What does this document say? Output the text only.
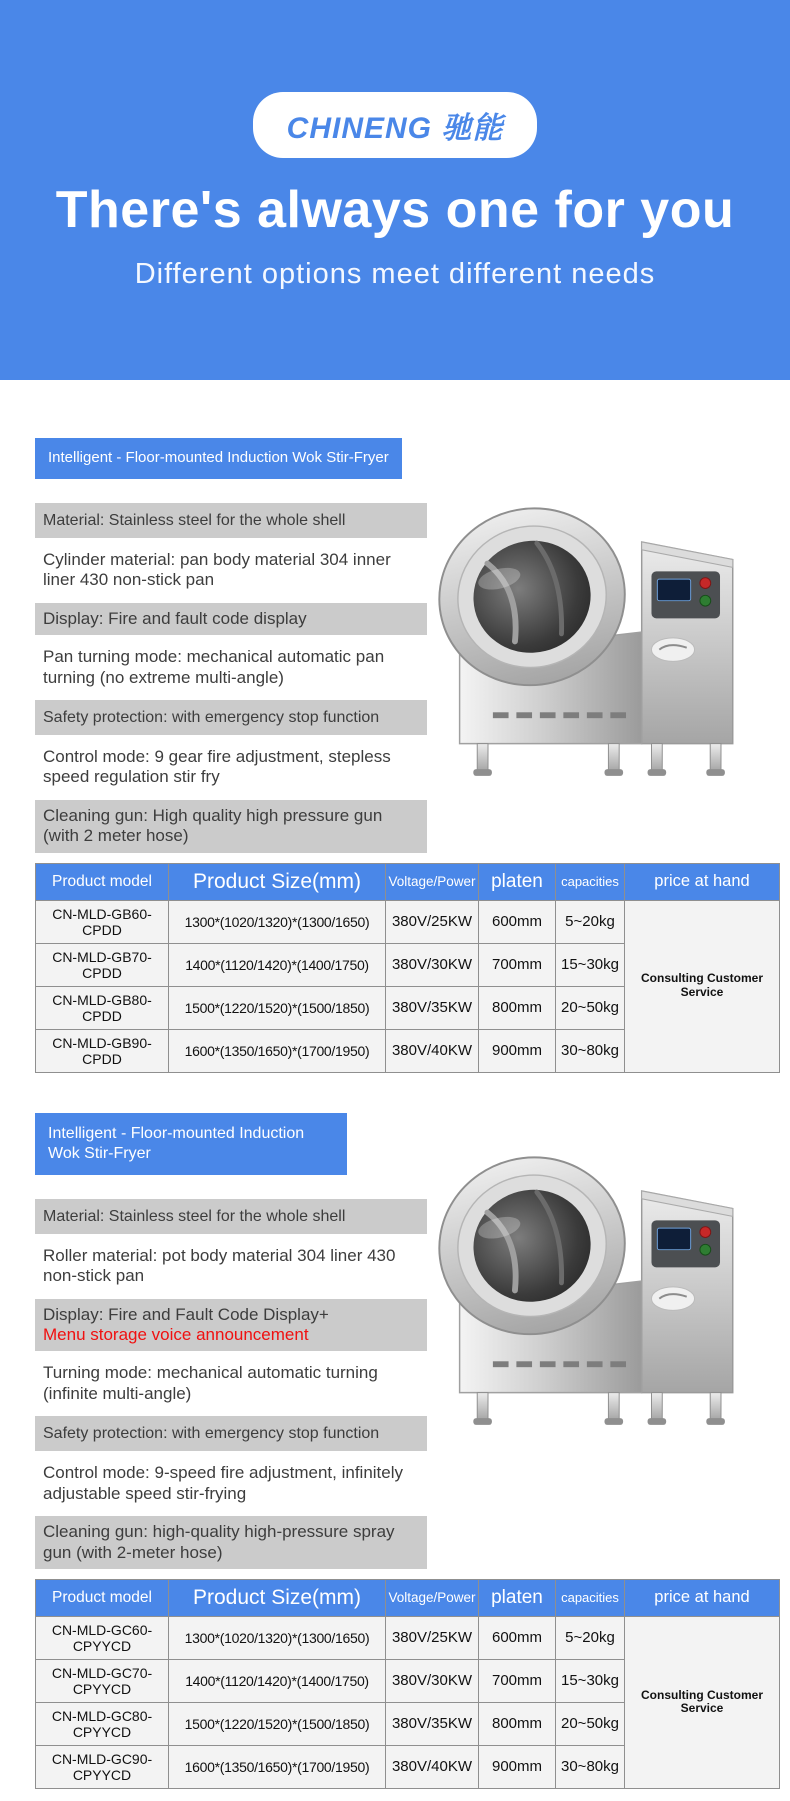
CHINENG 驰能
There's always one for you
Different options meet different needs
Intelligent - Floor-mounted Induction Wok Stir-Fryer
Material: Stainless steel for the whole shell
Cylinder material: pan body material 304 inner liner 430 non-stick pan
Display: Fire and fault code display
Pan turning mode: mechanical automatic pan turning (no extreme multi-angle)
Safety protection: with emergency stop function
Control mode: 9 gear fire adjustment, stepless speed regulation stir fry
Cleaning gun: High quality high pressure gun (with 2 meter hose)
Product model	Product Size(mm)	Voltage/Power	platen	capacities	price at hand
CN-MLD-GB60-CPDD	1300*(1020/1320)*(1300/1650)	380V/25KW	600mm	5~20kg	Consulting Customer Service
CN-MLD-GB70-CPDD	1400*(1120/1420)*(1400/1750)	380V/30KW	700mm	15~30kg	
CN-MLD-GB80-CPDD	1500*(1220/1520)*(1500/1850)	380V/35KW	800mm	20~50kg	
CN-MLD-GB90-CPDD	1600*(1350/1650)*(1700/1950)	380V/40KW	900mm	30~80kg	
Intelligent - Floor-mounted Induction Wok Stir-Fryer
Material: Stainless steel for the whole shell
Roller material: pot body material 304 liner 430 non-stick pan
Display: Fire and Fault Code Display+
Menu storage voice announcement
Turning mode: mechanical automatic turning (infinite multi-angle)
Safety protection: with emergency stop function
Control mode: 9-speed fire adjustment, infinitely adjustable speed stir-frying
Cleaning gun: high-quality high-pressure spray gun (with 2-meter hose)
Product model	Product Size(mm)	Voltage/Power	platen	capacities	price at hand
CN-MLD-GC60-CPYYCD	1300*(1020/1320)*(1300/1650)	380V/25KW	600mm	5~20kg	Consulting Customer Service
CN-MLD-GC70-CPYYCD	1400*(1120/1420)*(1400/1750)	380V/30KW	700mm	15~30kg	
CN-MLD-GC80-CPYYCD	1500*(1220/1520)*(1500/1850)	380V/35KW	800mm	20~50kg	
CN-MLD-GC90-CPYYCD	1600*(1350/1650)*(1700/1950)	380V/40KW	900mm	30~80kg	
